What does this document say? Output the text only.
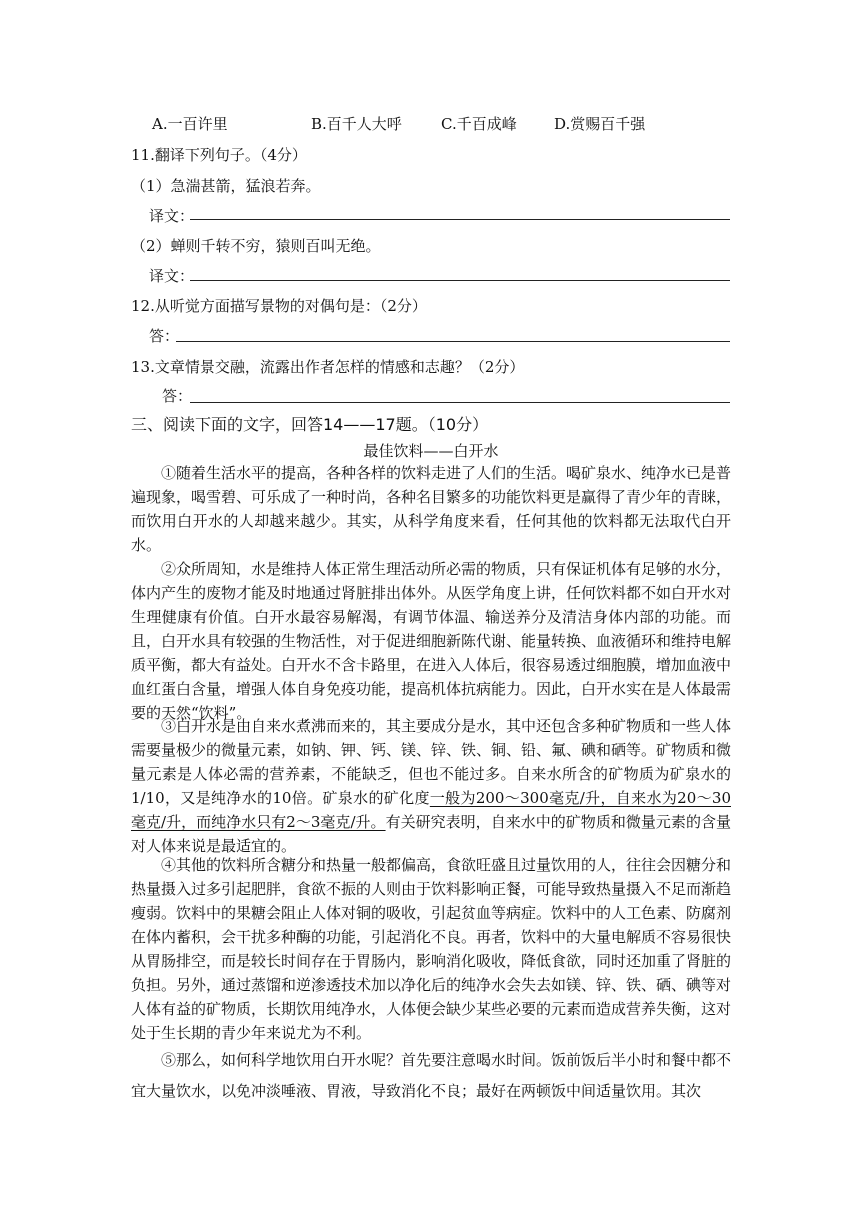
A.一百许里	B.百千人大呼	C.千百成峰 D.赏赐百千强
11.翻译下列句子。（4分）
（1）急湍甚箭，猛浪若奔。
译文：
（2）蝉则千转不穷，猿则百叫无绝。
译文：
12.从听觉方面描写景物的对偶句是：（2分）
答：
13.文章情景交融，流露出作者怎样的情感和志趣？（2分）
答：
三、阅读下面的文字，回答14——17题。（10分）
最佳饮料——白开水

①随着生活水平的提高，各种各样的饮料走进了人们的生活。喝矿泉水、纯净水已是普遍现象，喝雪碧、可乐成了一种时尚，各种名目繁多的功能饮料更是赢得了青少年的青睐，而饮用白开水的人却越来越少。其实，从科学角度来看，任何其他的饮料都无法取代白开水。

②众所周知，水是维持人体正常生理活动所必需的物质，只有保证机体有足够的水分，体内产生的废物才能及时地通过肾脏排出体外。从医学角度上讲，任何饮料都不如白开水对生理健康有价值。白开水最容易解渴，有调节体温、输送养分及清洁身体内部的功能。而且，白开水具有较强的生物活性，对于促进细胞新陈代谢、能量转换、血液循环和维持电解质平衡，都大有益处。白开水不含卡路里，在进入人体后，很容易透过细胞膜，增加血液中血红蛋白含量，增强人体自身免疫功能，提高机体抗病能力。因此，白开水实在是人体最需要的天然“饮料”。

③白开水是由自来水煮沸而来的，其主要成分是水，其中还包含多种矿物质和一些人体需要量极少的微量元素，如钠、钾、钙、镁、锌、铁、铜、铅、氟、碘和硒等。矿物质和微量元素是人体必需的营养素，不能缺乏，但也不能过多。自来水所含的矿物质为矿泉水的1/10，又是纯净水的10倍。矿泉水的矿化度一般为200～300毫克/升，自来水为20～30毫克/升，而纯净水只有2～3毫克/升。有关研究表明，自来水中的矿物质和微量元素的含量对人体来说是最适宜的。

④其他的饮料所含糖分和热量一般都偏高，食欲旺盛且过量饮用的人，往往会因糖分和热量摄入过多引起肥胖，食欲不振的人则由于饮料影响正餐，可能导致热量摄入不足而渐趋瘦弱。饮料中的果糖会阻止人体对铜的吸收，引起贫血等病症。饮料中的人工色素、防腐剂在体内蓄积，会干扰多种酶的功能，引起消化不良。再者，饮料中的大量电解质不容易很快从胃肠排空，而是较长时间存在于胃肠内，影响消化吸收，降低食欲，同时还加重了肾脏的负担。另外，通过蒸馏和逆渗透技术加以净化后的纯净水会失去如镁、锌、铁、硒、碘等对人体有益的矿物质，长期饮用纯净水，人体便会缺少某些必要的元素而造成营养失衡，这对处于生长期的青少年来说尤为不利。

⑤那么，如何科学地饮用白开水呢？首先要注意喝水时间。饭前饭后半小时和餐中都不宜大量饮水，以免冲淡唾液、胃液，导致消化不良；最好在两顿饭中间适量饮用。其次
